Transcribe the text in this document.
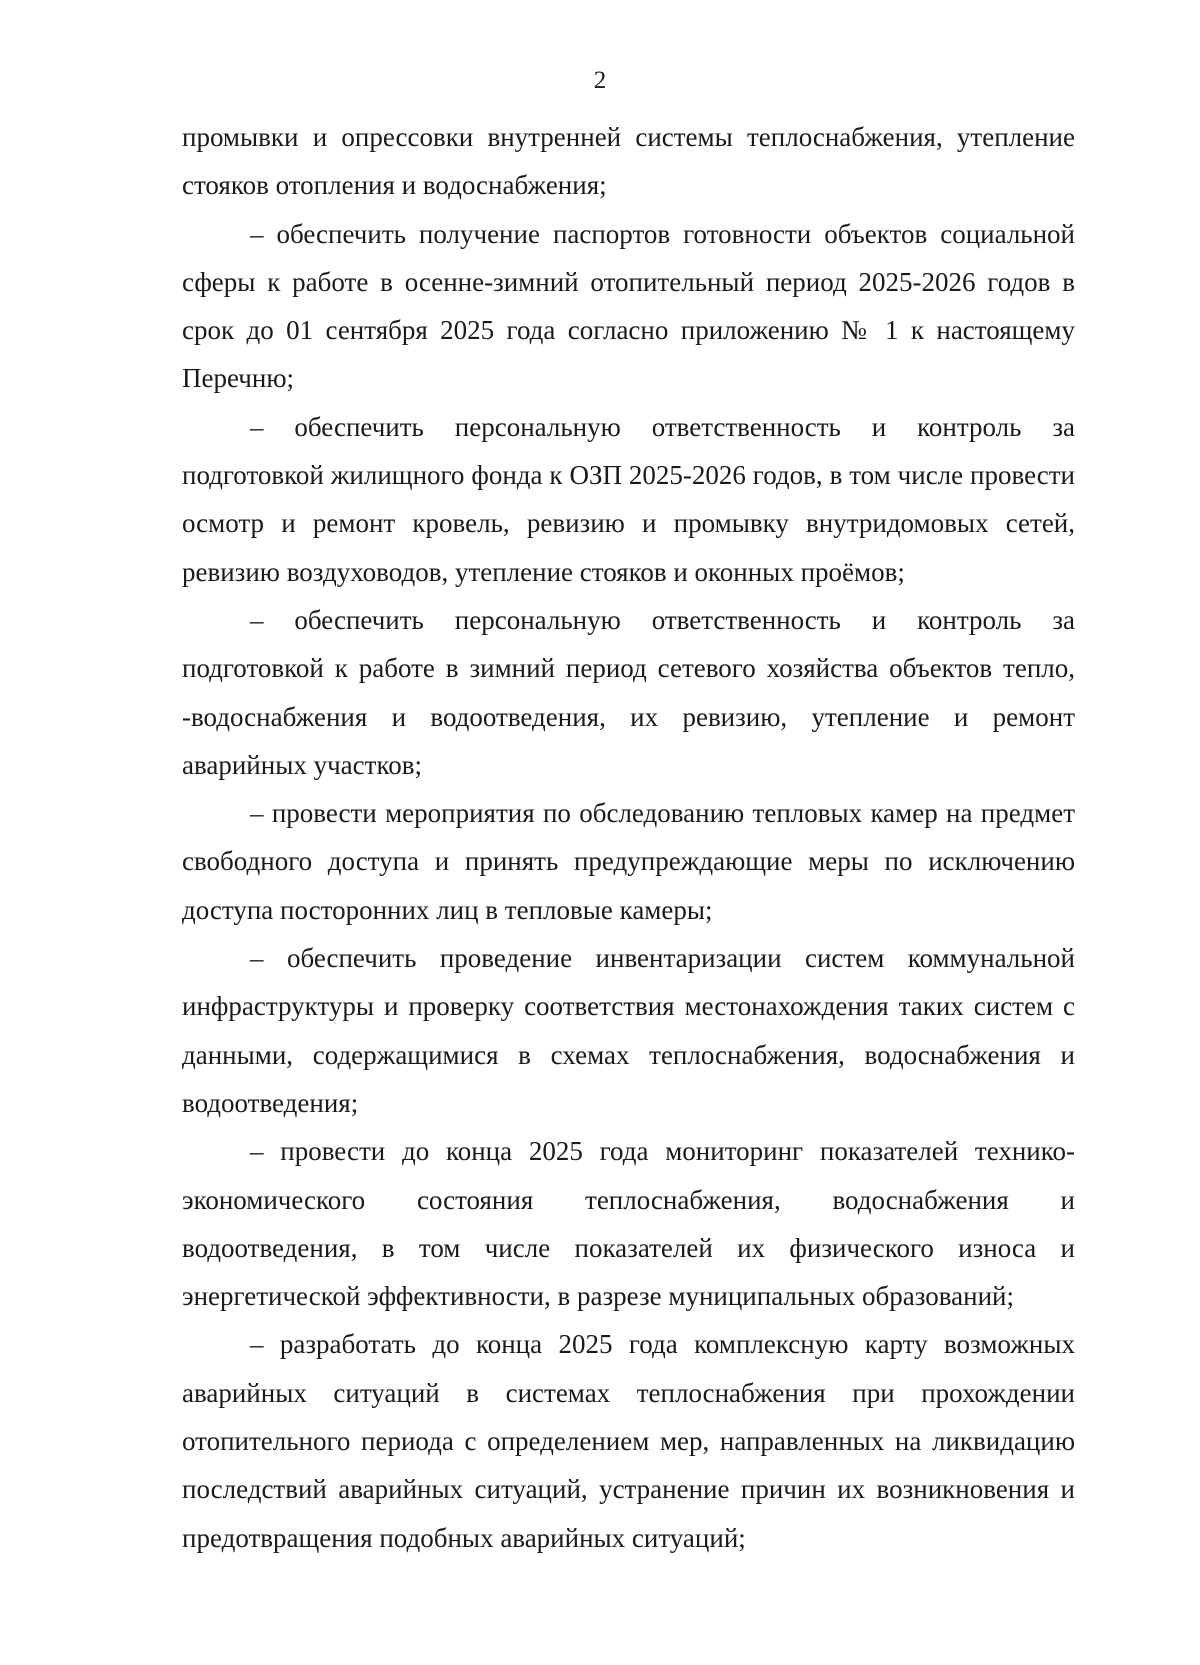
2

промывки и опрессовки внутренней системы теплоснабжения, утепление стояков отопления и водоснабжения;

– обеспечить получение паспортов готовности объектов социальной сферы к работе в осенне-зимний отопительный период 2025-2026 годов в срок до 01 сентября 2025 года согласно приложению № 1 к настоящему Перечню;

– обеспечить персональную ответственность и контроль за подготовкой жилищного фонда к ОЗП 2025-2026 годов, в том числе провести осмотр и ремонт кровель, ревизию и промывку внутридомовых сетей, ревизию воздуховодов, утепление стояков и оконных проёмов;

– обеспечить персональную ответственность и контроль за подготовкой к работе в зимний период сетевого хозяйства объектов тепло, -водоснабжения и водоотведения, их ревизию, утепление и ремонт аварийных участков;

– провести мероприятия по обследованию тепловых камер на предмет свободного доступа и принять предупреждающие меры по исключению доступа посторонних лиц в тепловые камеры;

– обеспечить проведение инвентаризации систем коммунальной инфраструктуры и проверку соответствия местонахождения таких систем с данными, содержащимися в схемах теплоснабжения, водоснабжения и водоотведения;

– провести до конца 2025 года мониторинг показателей технико-экономического состояния теплоснабжения, водоснабжения и водоотведения, в том числе показателей их физического износа и энергетической эффективности, в разрезе муниципальных образований;

– разработать до конца 2025 года комплексную карту возможных аварийных ситуаций в системах теплоснабжения при прохождении отопительного периода с определением мер, направленных на ликвидацию последствий аварийных ситуаций, устранение причин их возникновения и предотвращения подобных аварийных ситуаций;
